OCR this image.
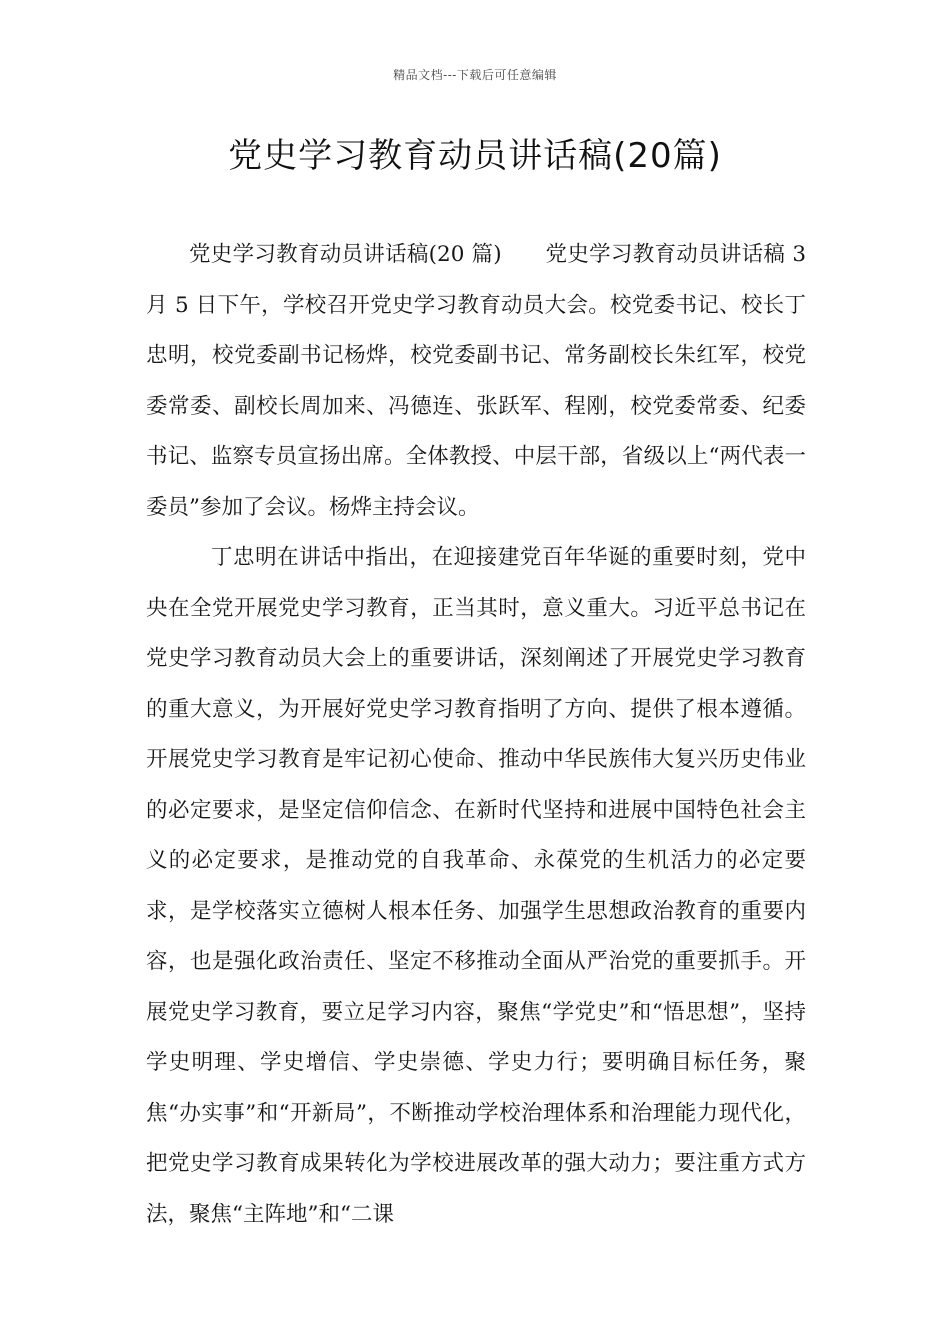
精品文档---下载后可任意编辑
党史学习教育动员讲话稿(20篇)

党史学习教育动员讲话稿(20 篇)　　党史学习教育动员讲话稿 3 月 5 日下午，学校召开党史学习教育动员大会。校党委书记、校长丁忠明，校党委副书记杨烨，校党委副书记、常务副校长朱红军，校党委常委、副校长周加来、冯德连、张跃军、程刚，校党委常委、纪委书记、监察专员宣扬出席。全体教授、中层干部，省级以上“两代表一委员”参加了会议。杨烨主持会议。

丁忠明在讲话中指出，在迎接建党百年华诞的重要时刻，党中央在全党开展党史学习教育，正当其时，意义重大。习近平总书记在党史学习教育动员大会上的重要讲话，深刻阐述了开展党史学习教育的重大意义，为开展好党史学习教育指明了方向、提供了根本遵循。开展党史学习教育是牢记初心使命、推动中华民族伟大复兴历史伟业的必定要求，是坚定信仰信念、在新时代坚持和进展中国特色社会主义的必定要求，是推动党的自我革命、永葆党的生机活力的必定要求，是学校落实立德树人根本任务、加强学生思想政治教育的重要内容，也是强化政治责任、坚定不移推动全面从严治党的重要抓手。开展党史学习教育，要立足学习内容，聚焦“学党史”和“悟思想”，坚持学史明理、学史增信、学史崇德、学史力行；要明确目标任务，聚焦“办实事”和“开新局”，不断推动学校治理体系和治理能力现代化，把党史学习教育成果转化为学校进展改革的强大动力；要注重方式方法，聚焦“主阵地”和“二课
